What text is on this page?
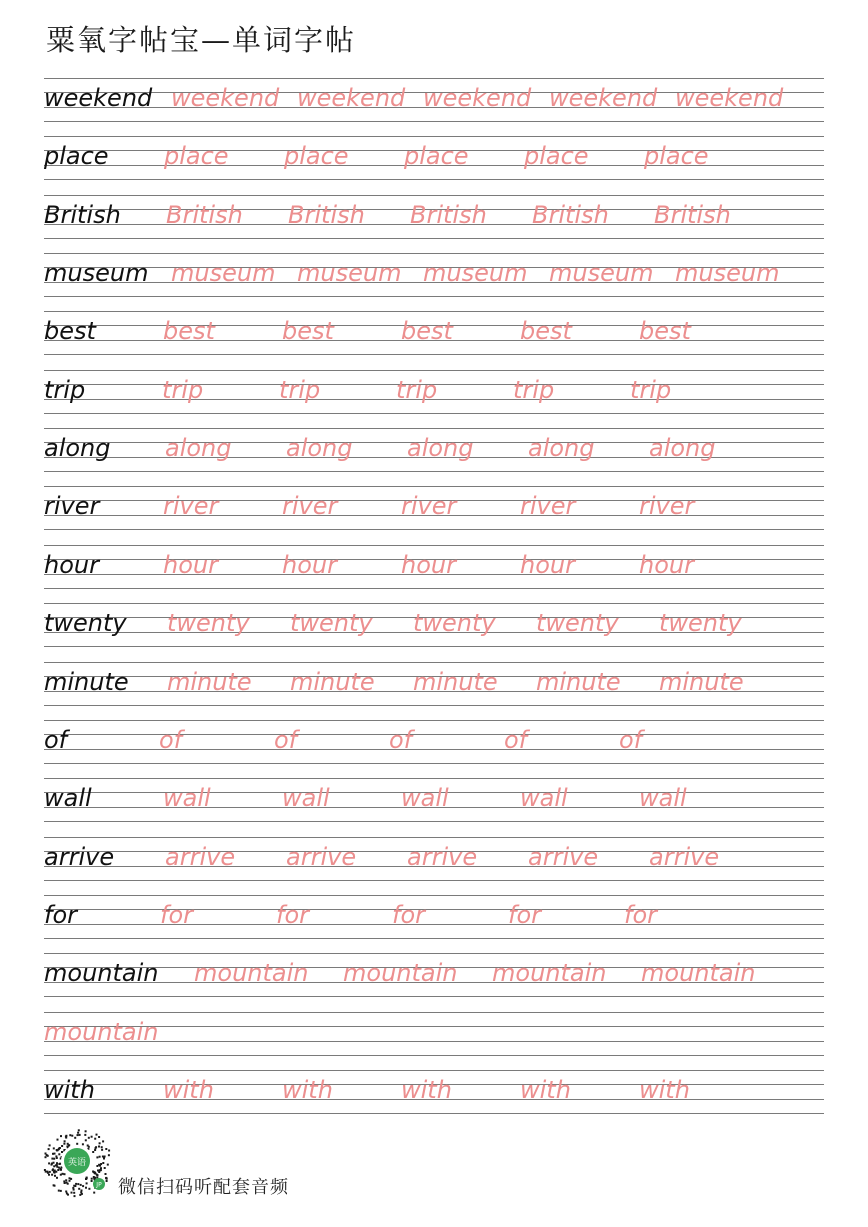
粟氧字帖宝—单词字帖
weekend weekend weekend weekend weekend weekend
place place place place place place
British British British British British British
museum museum museum museum museum museum
best	best	best	best	best	best
trip	trip	trip	trip	trip	trip
along along along along along along
river	river	river	river	river	river
hour	hour	hour	hour	hour	hour
twenty twenty twenty twenty twenty twenty
minute minute minute minute minute minute
of	of	of	of	of	of
wall	wall	wall	wall	wall	wall
arrive arrive arrive arrive arrive arrive
for	for	for	for	for	for
mountain mountain mountain mountain mountain
mountain
with	with	with	with	with	with
英语
JP 微信扫码听配套音频
